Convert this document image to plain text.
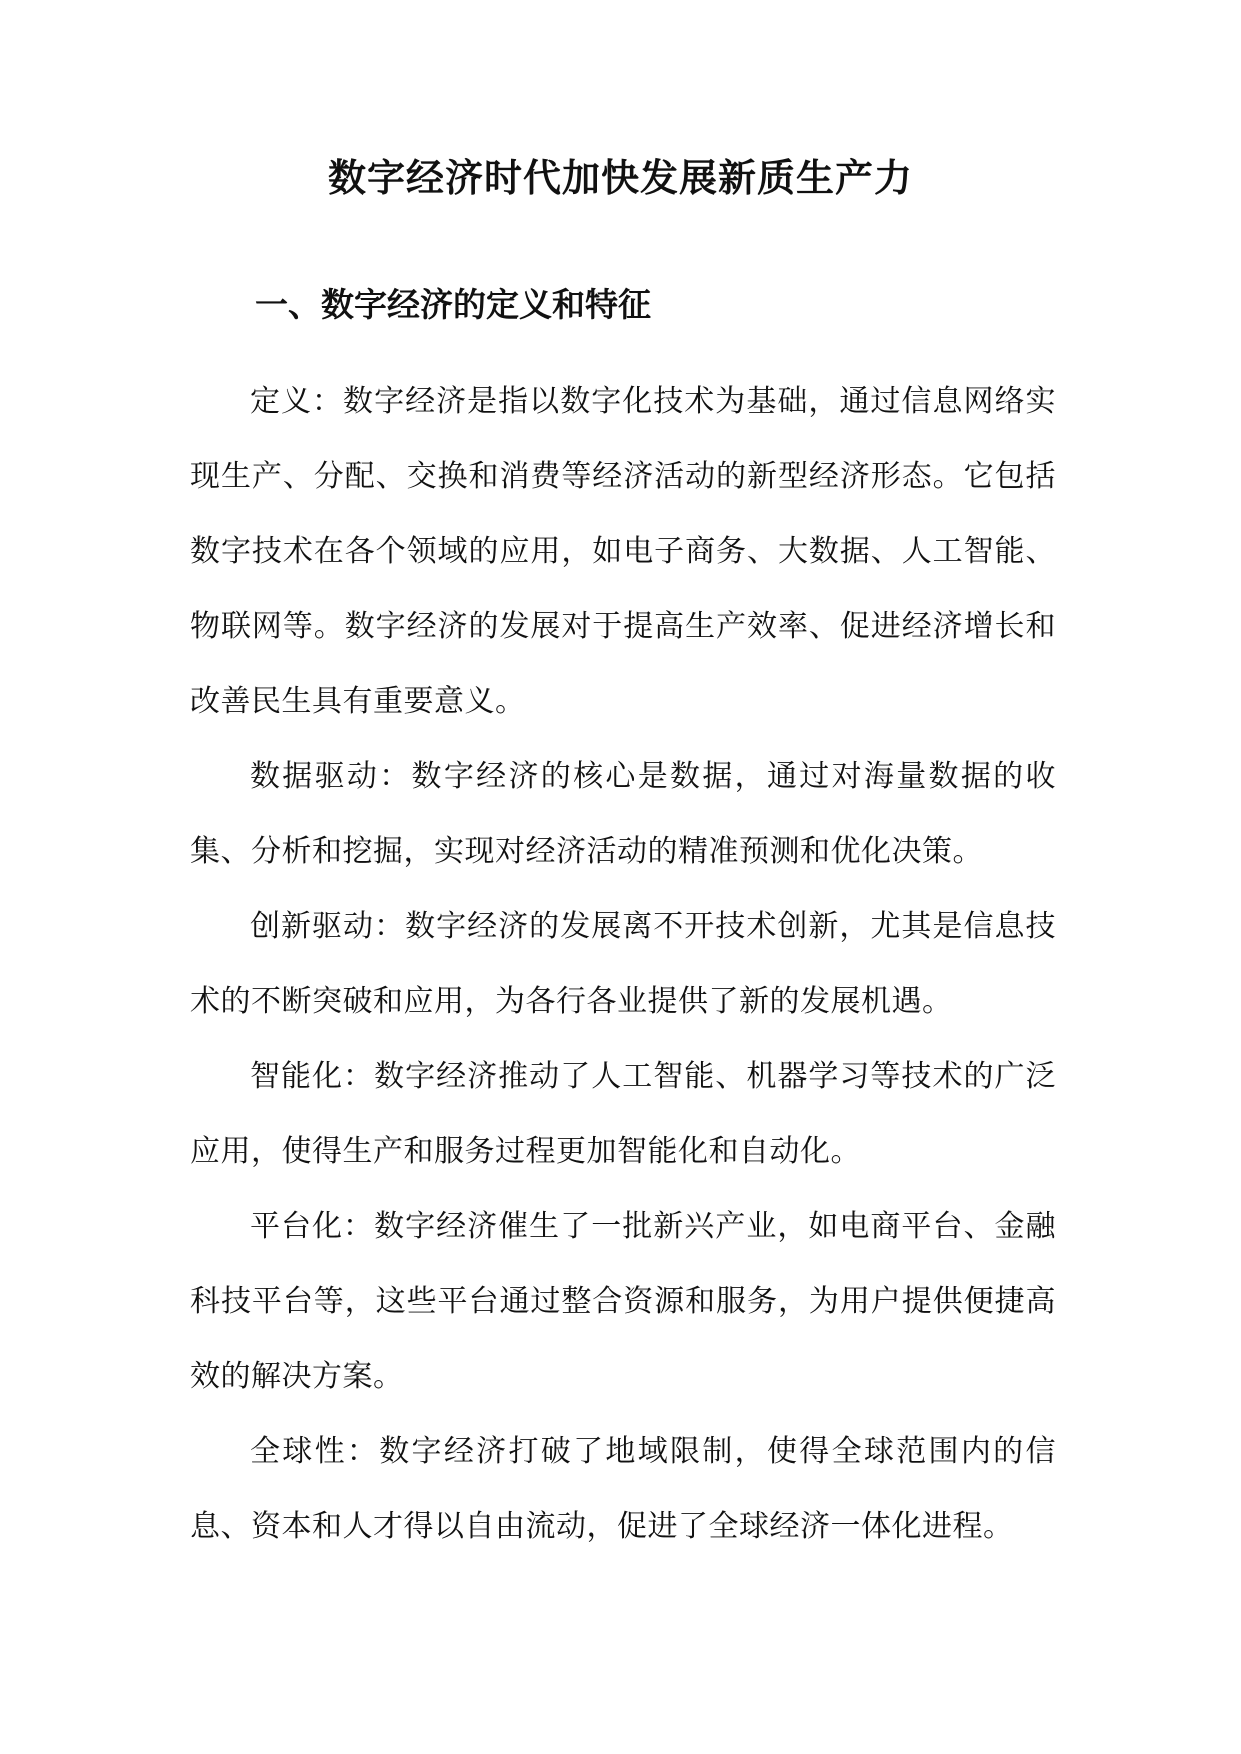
数字经济时代加快发展新质生产力
一、数字经济的定义和特征

定义：数字经济是指以数字化技术为基础，通过信息网络实现生产、分配、交换和消费等经济活动的新型经济形态。它包括数字技术在各个领域的应用，如电子商务、大数据、人工智能、物联网等。数字经济的发展对于提高生产效率、促进经济增长和改善民生具有重要意义。

数据驱动：数字经济的核心是数据，通过对海量数据的收集、分析和挖掘，实现对经济活动的精准预测和优化决策。

创新驱动：数字经济的发展离不开技术创新，尤其是信息技术的不断突破和应用，为各行各业提供了新的发展机遇。

智能化：数字经济推动了人工智能、机器学习等技术的广泛应用，使得生产和服务过程更加智能化和自动化。

平台化：数字经济催生了一批新兴产业，如电商平台、金融科技平台等，这些平台通过整合资源和服务，为用户提供便捷高效的解决方案。

全球性：数字经济打破了地域限制，使得全球范围内的信息、资本和人才得以自由流动，促进了全球经济一体化进程。
